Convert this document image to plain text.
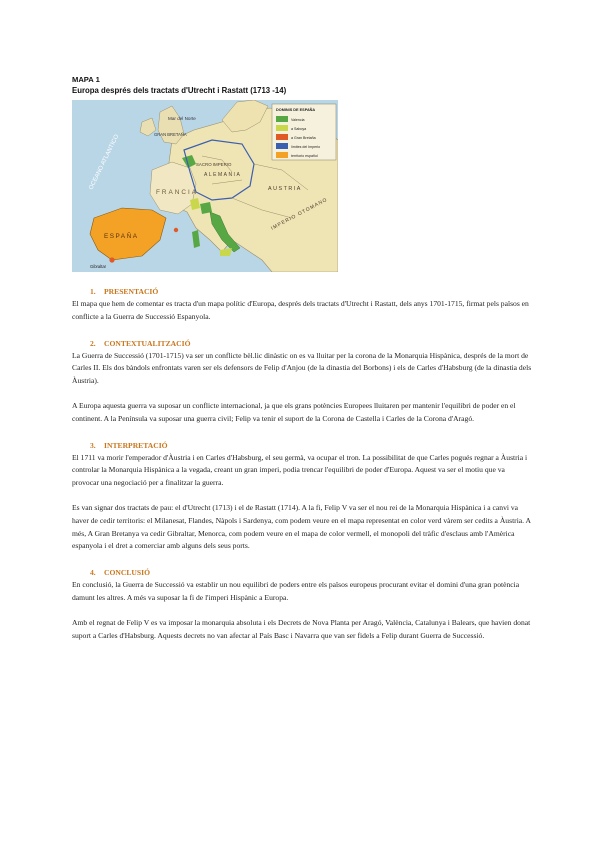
MAPA 1
Europa després dels tractats d'Utrecht i Rastatt (1713 -14)
Mar del Norte
GRAN BRETAÑA
OCEANO ATLANTICO
FRANCIA
ESPAÑA
Gibraltar
SACRO IMPERIO
ALEMANIA
AUSTRIA
IMPERIO OTOMANO
DOMINIS DE ESPAÑA
Valencia
a Saboya
a Gran Bretaña
límites del Imperio
territorio español
1. PRESENTACIÓ

El mapa que hem de comentar es tracta d'un mapa polític d'Europa, després dels tractats d'Utrecht i Rastatt, dels anys 1701-1715, firmat pels països en conflicte a la Guerra de Successió Espanyola.

2. CONTEXTUALITZACIÓ

La Guerra de Successió (1701-1715) va ser un conflicte bèl.lic dinàstic on es va lluitar per la corona de la Monarquia Hispànica, després de la mort de Carles II. Els dos bàndols enfrontats varen ser els defensors de Felip d'Anjou (de la dinastia del Borbons) i els de Carles d'Habsburg (de la dinastia dels Àustria).

A Europa aquesta guerra va suposar un conflicte internacional, ja que els grans potències Europees lluitaren per mantenir l'equilibri de poder en el continent. A la Península va suposar una guerra civil; Felip va tenir el suport de la Corona de Castella i Carles de la Corona d'Aragó.

3. INTERPRETACIÓ

El 1711 va morir l'emperador d'Àustria i en Carles d'Habsburg, el seu germà, va ocupar el tron. La possibilitat de que Carles pogués regnar a Àustria i controlar la Monarquia Hispànica a la vegada, creant un gran imperi, podia trencar l'equilibri de poder d'Europa. Aquest va ser el motiu que va provocar una negociació per a finalitzar la guerra.

Es van signar dos tractats de pau: el d'Utrecht (1713) i el de Rastatt (1714). A la fi, Felip V va ser el nou rei de la Monarquia Hispànica i a canvi va haver de cedir territoris: el Milanesat, Flandes, Nàpols i Sardenya, com podem veure en el mapa representat en color verd vàrem ser cedits a Àustria. A més, A Gran Bretanya va cedir Gibraltar, Menorca, com podem veure en el mapa de color vermell, el monopoli del tràfic d'esclaus amb l'Amèrica espanyola i el dret a comerciar amb alguns dels seus ports.

4. CONCLUSIÓ

En conclusió, la Guerra de Successió va establir un nou equilibri de poders entre els països europeus procurant evitar el domini d'una gran potència damunt les altres. A més va suposar la fi de l'imperi Hispànic a Europa.

Amb el regnat de Felip V es va imposar la monarquia absoluta i els Decrets de Nova Planta per Aragó, València, Catalunya i Balears, que havien donat suport a Carles d'Habsburg. Aquests decrets no van afectar al País Basc i Navarra que van ser fidels a Felip durant Guerra de Successió.
